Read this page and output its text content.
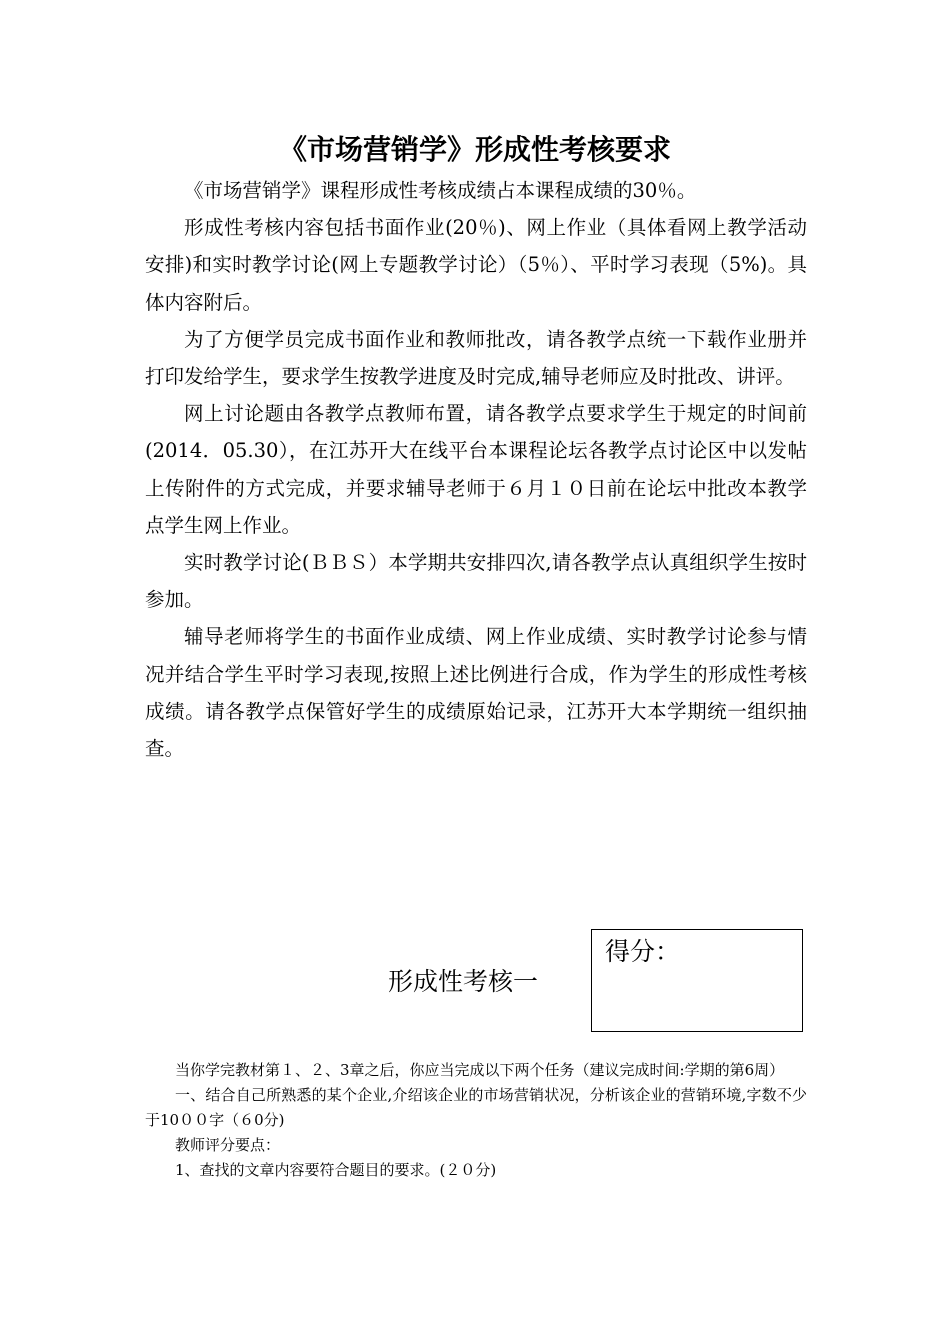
《市场营销学》形成性考核要求

《市场营销学》课程形成性考核成绩占本课程成绩的30％。

形成性考核内容包括书面作业(20％)、网上作业（具体看网上教学活动安排)和实时教学讨论(网上专题教学讨论）（5％）、平时学习表现（5%)。具体内容附后。

为了方便学员完成书面作业和教师批改，请各教学点统一下载作业册并打印发给学生，要求学生按教学进度及时完成,辅导老师应及时批改、讲评。

网上讨论题由各教学点教师布置，请各教学点要求学生于规定的时间前(2014．05.30），在江苏开大在线平台本课程论坛各教学点讨论区中以发帖上传附件的方式完成，并要求辅导老师于６月１０日前在论坛中批改本教学点学生网上作业。

实时教学讨论(ＢＢＳ）本学期共安排四次,请各教学点认真组织学生按时参加。

辅导老师将学生的书面作业成绩、网上作业成绩、实时教学讨论参与情况并结合学生平时学习表现,按照上述比例进行合成，作为学生的形成性考核成绩。请各教学点保管好学生的成绩原始记录，江苏开大本学期统一组织抽查。

形成性考核一
得分：

当你学完教材第１、２、3章之后，你应当完成以下两个任务（建议完成时间:学期的第6周）

一、结合自己所熟悉的某个企业,介绍该企业的市场营销状况，分析该企业的营销环境,字数不少于10００字（６0分)

教师评分要点：

1、查找的文章内容要符合题目的要求。(２０分)
